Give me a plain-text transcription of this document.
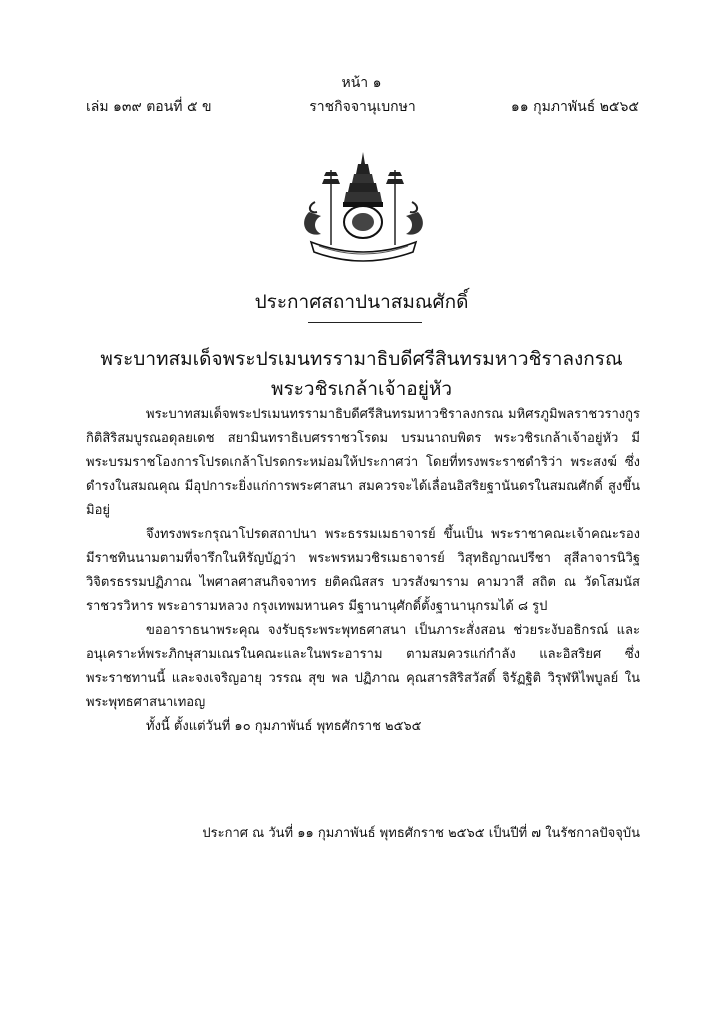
หน้า ๑
เล่ม ๑๓๙ ตอนที่ ๕ ข	ราชกิจจานุเบกษา	๑๑ กุมภาพันธ์ ๒๕๖๕
ประกาศสถาปนาสมณศักดิ์
พระบาทสมเด็จพระปรเมนทรรามาธิบดีศรีสินทรมหาวชิราลงกรณ
พระวชิรเกล้าเจ้าอยู่หัว

พระบาทสมเด็จพระปรเมนทรรามาธิบดีศรีสินทรมหาวชิราลงกรณ มหิศรภูมิพลราชวรางกูร กิติสิริสมบูรณอดุลยเดช สยามินทราธิเบศรราชวโรดม บรมนาถบพิตร พระวชิรเกล้าเจ้าอยู่หัว มีพระบรมราชโองการโปรดเกล้าโปรดกระหม่อมให้ประกาศว่า โดยที่ทรงพระราชดำริว่า พระสงฆ์ ซึ่งดำรงในสมณคุณ มีอุปการะยิ่งแก่การพระศาสนา สมควรจะได้เลื่อนอิสริยฐานันดรในสมณศักดิ์ สูงขึ้นมิอยู่

จึงทรงพระกรุณาโปรดสถาปนา พระธรรมเมธาจารย์ ขึ้นเป็น พระราชาคณะเจ้าคณะรอง มีราชทินนามตามที่จารึกในหิรัญบัฏว่า พระพรหมวชิรเมธาจารย์ วิสุทธิญาณปรีชา สุสีลาจารนิวิฐ วิจิตรธรรมปฏิภาณ ไพศาลศาสนกิจจาทร ยติคณิสสร บวรสังฆาราม คามวาสี สถิต ณ วัดโสมนัส ราชวรวิหาร พระอารามหลวง กรุงเทพมหานคร มีฐานานุศักดิ์ตั้งฐานานุกรมได้ ๘ รูป

ขออาราธนาพระคุณ จงรับธุระพระพุทธศาสนา เป็นภาระสั่งสอน ช่วยระงับอธิกรณ์ และอนุเคราะห์พระภิกษุสามเณรในคณะและในพระอาราม ตามสมควรแก่กำลัง และอิสริยศ ซึ่งพระราชทานนี้ และจงเจริญอายุ วรรณ สุข พล ปฏิภาณ คุณสารสิริสวัสดิ์ จิรัฏฐิติ วิรุฬหิไพบูลย์ ในพระพุทธศาสนาเทอญ

ทั้งนี้ ตั้งแต่วันที่ ๑๐ กุมภาพันธ์ พุทธศักราช ๒๕๖๕

ประกาศ ณ วันที่ ๑๑ กุมภาพันธ์ พุทธศักราช ๒๕๖๕ เป็นปีที่ ๗ ในรัชกาลปัจจุบัน
